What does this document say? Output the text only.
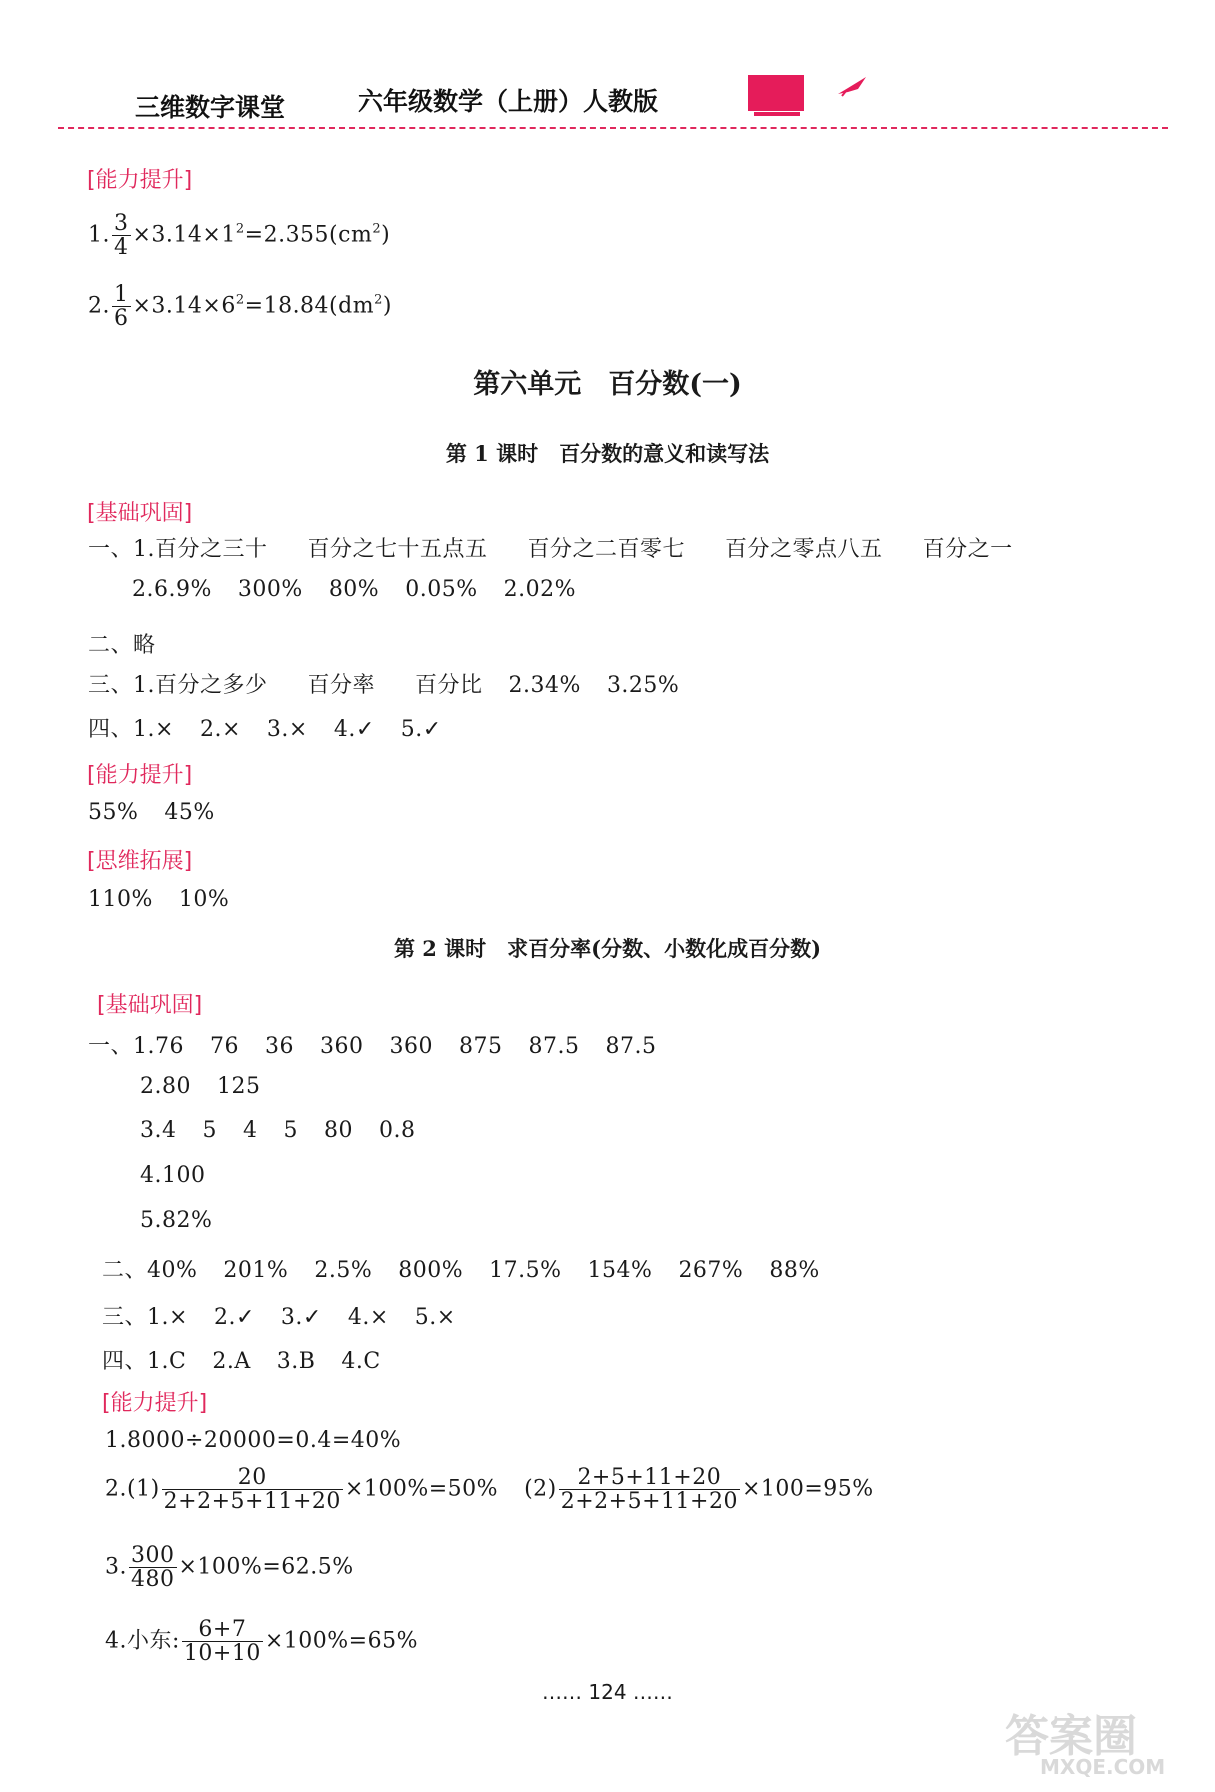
三维数字课堂	六年级数学（上册）人教版
[能力提升]
1. $\frac{3}{4} \times 3.14\times 1^2=2.355(cm^2)$
2. $\frac{1}{6} \times 3.14\times 6^2=18.84(dm^2)$
第六单元　百分数(一)
第 1 课时　百分数的意义和读写法
[基础巩固]
一、1.百分之三十 百分之七十五点五 百分之二百零七 百分之零点八五 百分之一
2.6.9% 300% 80% 0.05% 2.02%
二、略
三、1.百分之多少 百分率 百分比 2.34% 3.25%
四、1.× 2.× 3.× 4.✓ 5.✓
[能力提升]
55% 45%
[思维拓展]
110% 10%
第 2 课时　求百分率(分数、小数化成百分数)
[基础巩固]
一、1.76 76 36 360 360 875 87.5 87.5
2.80 125
3.4 5 4 5 80 0.8
4.100
5.82%
二、40% 201% 2.5% 800% 17.5% 154% 267% 88%
三、1.× 2.✓ 3.✓ 4.× 5.×
四、1.C 2.A 3.B 4.C
[能力提升]
1.8000÷20000=0.4=40%
$2.(1) \frac{20}{2+2+5+11+20} \times 100\%=50\%$ $(2) \frac{2+5+11+20}{2+2+5+11+20} \times 100=95\%$
3. $\frac{300}{480} \times 100\%=62.5\%$
4.小东: $\frac{6+7}{10+10} \times 100\%=65\%$
…… 124 ……
答案圈
MXQE.COM
